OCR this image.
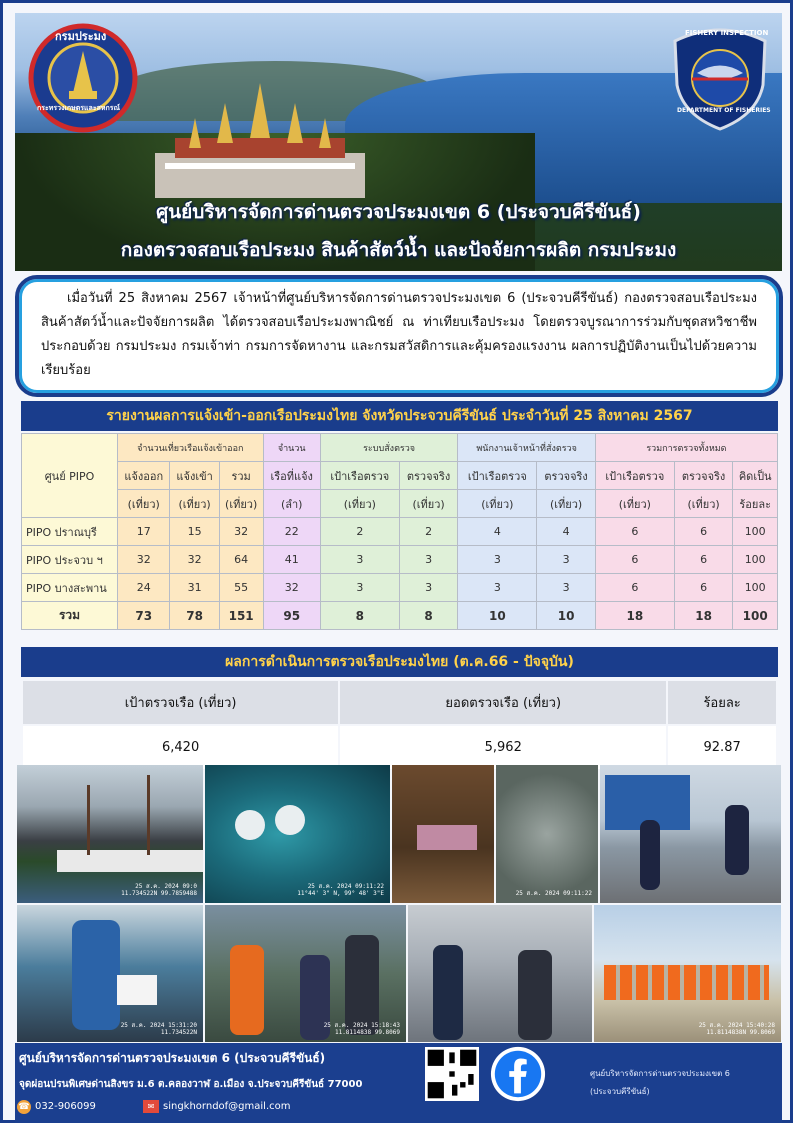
กรมประมง
กระทรวงเกษตรและสหกรณ์
FISHERY INSPECTION
DEPARTMENT OF FISHERIES
ศูนย์บริหารจัดการด่านตรวจประมงเขต 6 (ประจวบคีรีขันธ์)
กองตรวจสอบเรือประมง สินค้าสัตว์น้ำ และปัจจัยการผลิต กรมประมง

เมื่อวันที่ 25 สิงหาคม 2567 เจ้าหน้าที่ศูนย์บริหารจัดการด่านตรวจประมงเขต 6 (ประจวบคีรีขันธ์) กองตรวจสอบเรือประมง สินค้าสัตว์น้ำและปัจจัยการผลิต ได้ตรวจสอบเรือประมงพาณิชย์ ณ ท่าเทียบเรือประมง โดยตรวจบูรณาการร่วมกับชุดสหวิชาชีพ ประกอบด้วย กรมประมง กรมเจ้าท่า กรมการจัดหางาน และกรมสวัสดิการและคุ้มครองแรงงาน ผลการปฏิบัติงานเป็นไปด้วยความเรียบร้อย

รายงานผลการแจ้งเข้า-ออกเรือประมงไทย จังหวัดประจวบคีรีขันธ์ ประจำวันที่ 25 สิงหาคม 2567
ศูนย์ PIPO	จำนวนเที่ยวเรือแจ้งเข้าออก			จำนวน	ระบบสั่งตรวจ		พนักงานเจ้าหน้าที่สั่งตรวจ		รวมการตรวจทั้งหมด		
	แจ้งออก	แจ้งเข้า	รวม	เรือที่แจ้ง	เป้าเรือตรวจ	ตรวจจริง	เป้าเรือตรวจ	ตรวจจริง	เป้าเรือตรวจ	ตรวจจริง	คิดเป็น
	(เที่ยว)	(เที่ยว)	(เที่ยว)	(ลำ)	(เที่ยว)	(เที่ยว)	(เที่ยว)	(เที่ยว)	(เที่ยว)	(เที่ยว)	ร้อยละ
PIPO ปราณบุรี	17	15	32	22	2	2	4	4	6	6	100
PIPO ประจวบ ฯ	32	32	64	41	3	3	3	3	6	6	100
PIPO บางสะพาน	24	31	55	32	3	3	3	3	6	6	100
รวม	73	78	151	95	8	8	10	10	18	18	100
ผลการดำเนินการตรวจเรือประมงไทย (ต.ค.66 - ปัจจุบัน)
เป้าตรวจเรือ (เที่ยว)	ยอดตรวจเรือ (เที่ยว)	ร้อยละ
6,420	5,962	92.87
25 ส.ค. 2024 09:0
11.734522N 99.7859488
25 ส.ค. 2024 09:11:22
11°44' 3" N, 99° 48' 3"E	25 ส.ค. 2024 09:11:22
25 ส.ค. 2024 15:31:20
11.734522N
25 ส.ค. 2024 15:18:43
11.8114838 99.8069
25 ส.ค. 2024 15:40:28
11.8114838N 99.8069
ศูนย์บริหารจัดการด่านตรวจประมงเขต 6 (ประจวบคีรีขันธ์)
จุดผ่อนปรนพิเศษด่านสิงขร ม.6 ต.คลองวาฬ อ.เมือง จ.ประจวบคีรีขันธ์ 77000
☎ 032-906099	✉ singkhorndof@gmail.com
ศูนย์บริหารจัดการด่านตรวจประมงเขต 6
(ประจวบคีรีขันธ์)
